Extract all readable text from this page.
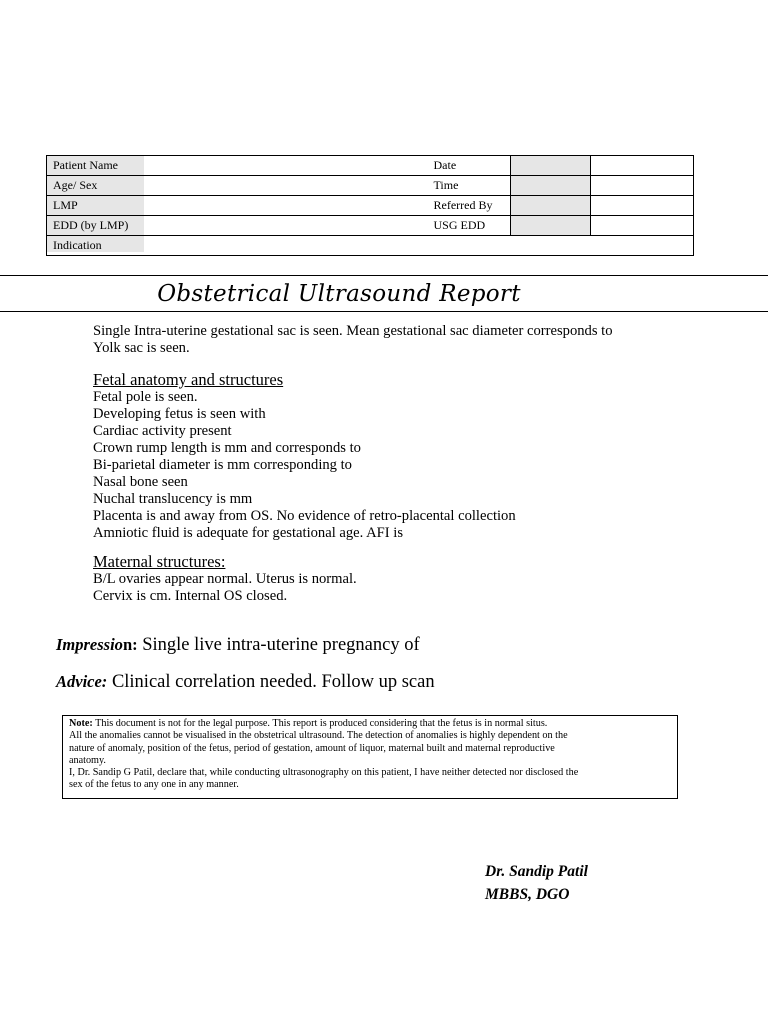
Patient Name		Date		
Age/ Sex		Time		
LMP		Referred By		
EDD (by LMP)		USG EDD		
Indication				
Obstetrical Ultrasound Report
Single Intra-uterine gestational sac is seen. Mean gestational sac diameter corresponds to
Yolk sac is seen.
Fetal anatomy and structures
Fetal pole is seen.
Developing fetus is seen with
Cardiac activity present
Crown rump length is mm and corresponds to
Bi-parietal diameter is mm corresponding to
Nasal bone seen
Nuchal translucency is mm
Placenta is and away from OS. No evidence of retro-placental collection
Amniotic fluid is adequate for gestational age. AFI is
Maternal structures:
B/L ovaries appear normal. Uterus is normal.
Cervix is cm. Internal OS closed.
Impression: Single live intra-uterine pregnancy of
Advice: Clinical correlation needed. Follow up scan
Note: This document is not for the legal purpose. This report is produced considering that the fetus is in normal situs.
All the anomalies cannot be visualised in the obstetrical ultrasound. The detection of anomalies is highly dependent on the
nature of anomaly, position of the fetus, period of gestation, amount of liquor, maternal built and maternal reproductive
anatomy.
I, Dr. Sandip G Patil, declare that, while conducting ultrasonography on this patient, I have neither detected nor disclosed the
sex of the fetus to any one in any manner.
Dr. Sandip Patil
MBBS, DGO
